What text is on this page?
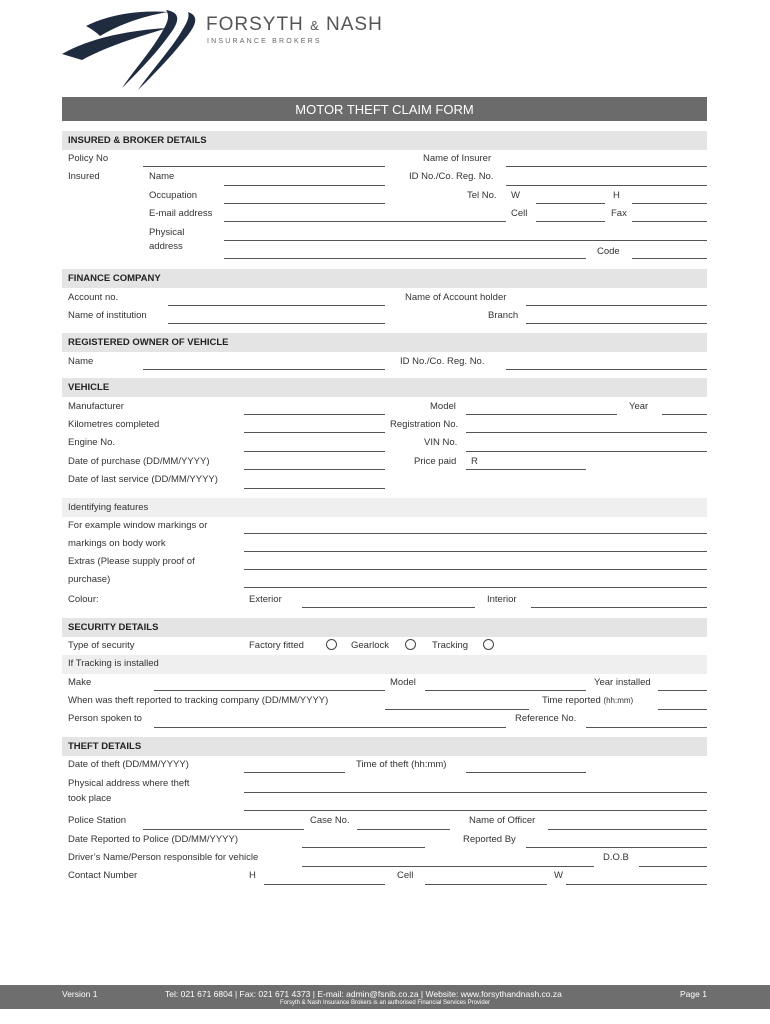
FORSYTH & NASH
INSURANCE BROKERS
MOTOR THEFT CLAIM FORM
INSURED & BROKER DETAILS
Policy No	Name of Insurer
Insured	Name	ID No./Co. Reg. No.
Occupation	Tel No. W	H
E-mail address	Cell	Fax
Physical
address	Code
FINANCE COMPANY
Account no.	Name of Account holder
Name of institution	Branch
REGISTERED OWNER OF VEHICLE
Name	ID No./Co. Reg. No.
VEHICLE
Manufacturer	Model	Year
Kilometres completed	Registration No.
Engine No.	VIN No.
Date of purchase (DD/MM/YYYY)	Price paid R
Date of last service (DD/MM/YYYY)
Identifying features
For example window markings or
markings on body work
Extras (Please supply proof of
purchase)
Colour:	Exterior	Interior
SECURITY DETAILS
Type of security	Factory fitted	Gearlock	Tracking
If Tracking is installed
Make	Model	Year installed
When was theft reported to tracking company (DD/MM/YYYY)	Time reported (hh:mm)
Person spoken to	Reference No.
THEFT DETAILS
Date of theft (DD/MM/YYYY)	Time of theft (hh:mm)
Physical address where theft
took place
Police Station	Case No.	Name of Officer
Date Reported to Police (DD/MM/YYYY)	Reported By
Driver’s Name/Person responsible for vehicle	D.O.B
Contact Number	H	Cell	W
Version 1	Tel: 021 671 6804 | Fax: 021 671 4373 | E-mail: admin@fsnib.co.za | Website: www.forsythandnash.co.za	Page 1
Forsyth & Nash Insurance Brokers is an authorised Financial Services Provider
